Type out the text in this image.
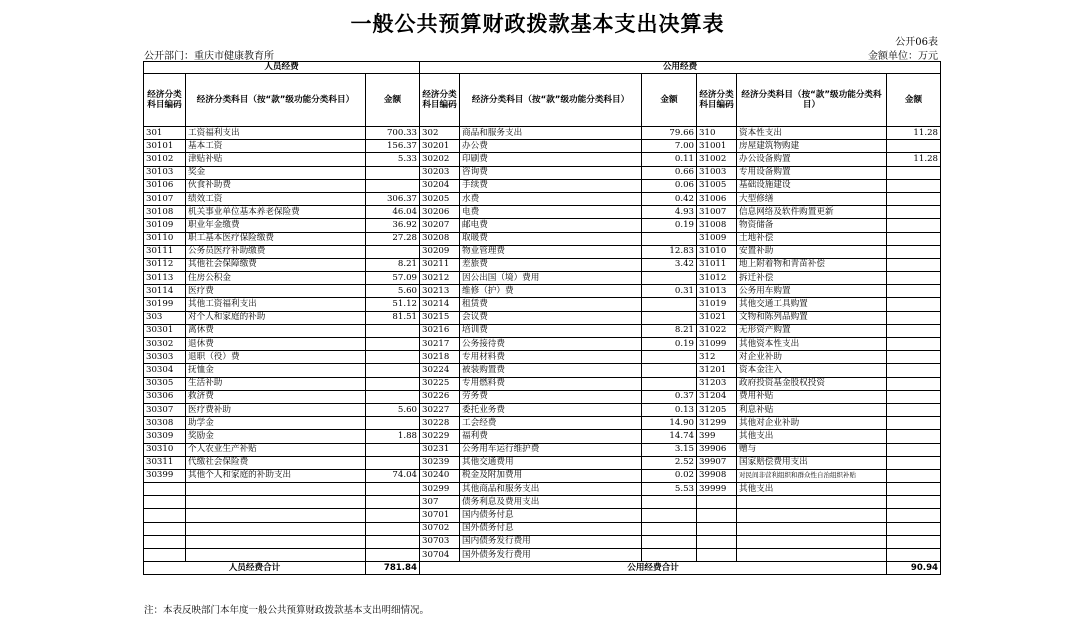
一般公共预算财政拨款基本支出决算表
公开06表
公开部门：重庆市健康教育所	金额单位：万元
人员经费			公用经费					
经济分类科目编码	经济分类科目（按“款”级功能分类科目）	金额	经济分类科目编码	经济分类科目（按“款”级功能分类科目）	金额	经济分类科目编码	经济分类科目（按“款”级功能分类科目）	金额
301	工资福利支出	700.33	302	商品和服务支出	79.66	310	资本性支出	11.28
30101	基本工资	156.37	30201	办公费	7.00	31001	房屋建筑物购建	
30102	津贴补贴	5.33	30202	印刷费	0.11	31002	办公设备购置	11.28
30103	奖金		30203	咨询费	0.66	31003	专用设备购置	
30106	伙食补助费		30204	手续费	0.06	31005	基础设施建设	
30107	绩效工资	306.37	30205	水费	0.42	31006	大型修缮	
30108	机关事业单位基本养老保险费	46.04	30206	电费	4.93	31007	信息网络及软件购置更新	
30109	职业年金缴费	36.92	30207	邮电费	0.19	31008	物资储备	
30110	职工基本医疗保险缴费	27.28	30208	取暖费		31009	土地补偿	
30111	公务员医疗补助缴费		30209	物业管理费	12.83	31010	安置补助	
30112	其他社会保障缴费	8.21	30211	差旅费	3.42	31011	地上附着物和青苗补偿	
30113	住房公积金	57.09	30212	因公出国（境）费用		31012	拆迁补偿	
30114	医疗费	5.60	30213	维修（护）费	0.31	31013	公务用车购置	
30199	其他工资福利支出	51.12	30214	租赁费		31019	其他交通工具购置	
303	对个人和家庭的补助	81.51	30215	会议费		31021	文物和陈列品购置	
30301	离休费		30216	培训费	8.21	31022	无形资产购置	
30302	退休费		30217	公务接待费	0.19	31099	其他资本性支出	
30303	退职（役）费		30218	专用材料费		312	对企业补助	
30304	抚恤金		30224	被装购置费		31201	资本金注入	
30305	生活补助		30225	专用燃料费		31203	政府投资基金股权投资	
30306	救济费		30226	劳务费	0.37	31204	费用补贴	
30307	医疗费补助	5.60	30227	委托业务费	0.13	31205	利息补贴	
30308	助学金		30228	工会经费	14.90	31299	其他对企业补助	
30309	奖励金	1.88	30229	福利费	14.74	399	其他支出	
30310	个人农业生产补贴		30231	公务用车运行维护费	3.15	39906	赠与	
30311	代缴社会保险费		30239	其他交通费用	2.52	39907	国家赔偿费用支出	
30399	其他个人和家庭的补助支出	74.04	30240	税金及附加费用	0.02	39908	对民间非营利组织和群众性自治组织补贴	
			30299	其他商品和服务支出	5.53	39999	其他支出	
			307	债务利息及费用支出				
			30701	国内债务付息				
			30702	国外债务付息				
			30703	国内债务发行费用				
			30704	国外债务发行费用				
人员经费合计		781.84	公用经费合计					90.94
注：本表反映部门本年度一般公共预算财政拨款基本支出明细情况。
